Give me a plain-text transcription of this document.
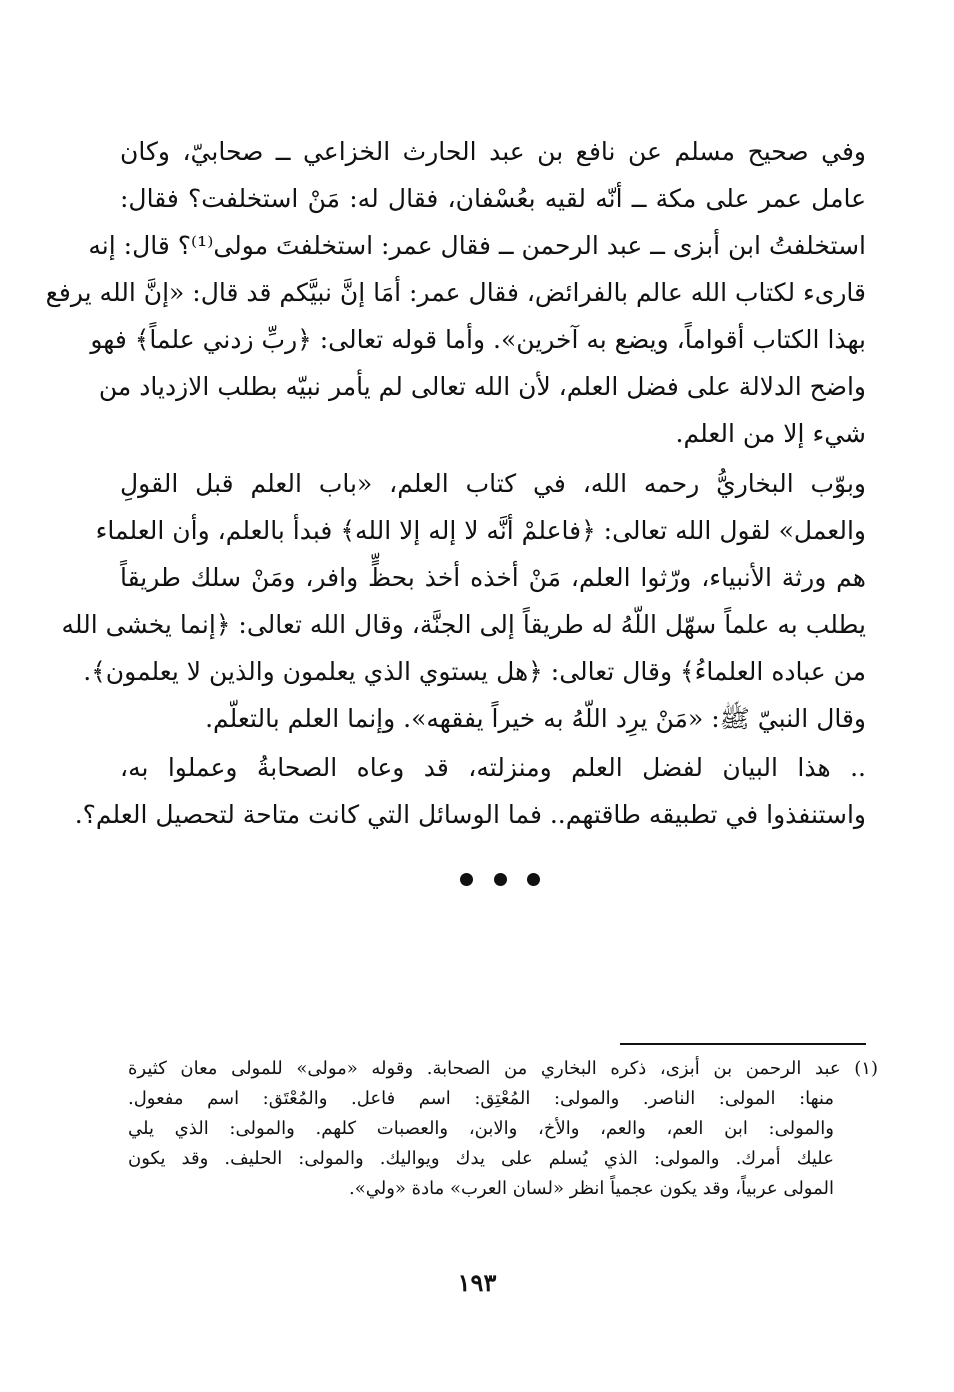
وفي صحيح مسلم عن نافع بن عبد الحارث الخزاعي ــ صحابيّ، وكان
عامل عمر على مكة ــ أنّه لقيه بعُسْفان، فقال له: مَنْ استخلفت؟ فقال:
استخلفتُ ابن أبزى ــ عبد الرحمن ــ فقال عمر: استخلفتَ مولى⁽¹⁾؟ قال: إنه
قارىء لكتاب الله عالم بالفرائض، فقال عمر: أمَا إنَّ نبيَّكم قد قال: «إنَّ الله يرفع
بهذا الكتاب أقواماً، ويضع به آخرين». وأما قوله تعالى: ﴿ربِّ زدني علماً﴾ فهو
واضح الدلالة على فضل العلم، لأن الله تعالى لم يأمر نبيّه بطلب الازدياد من
شيء إلا من العلم.
وبوّب البخاريُّ رحمه الله، في كتاب العلم، «باب العلم قبل القولِ
والعمل» لقول الله تعالى: ﴿فاعلمْ أنَّه لا إله إلا الله﴾ فبدأ بالعلم، وأن العلماء
هم ورثة الأنبياء، ورّثوا العلم، مَنْ أخذه أخذ بحظٍّ وافر، ومَنْ سلك طريقاً
يطلب به علماً سهّل اللّهُ له طريقاً إلى الجنَّة، وقال الله تعالى: ﴿إنما يخشى الله
من عباده العلماءُ﴾ وقال تعالى: ﴿هل يستوي الذي يعلمون والذين لا يعلمون﴾.
وقال النبيّ ﷺ: «مَنْ يرِد اللّهُ به خيراً يفقهه». وإنما العلم بالتعلّم.
.. هذا البيان لفضل العلم ومنزلته، قد وعاه الصحابةُ وعملوا به،
واستنفذوا في تطبيقه طاقتهم.. فما الوسائل التي كانت متاحة لتحصيل العلم؟.
(١) عبد الرحمن بن أبزى، ذكره البخاري من الصحابة. وقوله «مولى» للمولى معان كثيرة
منها: المولى: الناصر. والمولى: المُعْتِق: اسم فاعل. والمُعْتَق: اسم مفعول.
والمولى: ابن العم، والعم، والأخ، والابن، والعصبات كلهم. والمولى: الذي يلي
عليك أمرك. والمولى: الذي يُسلم على يدك ويواليك. والمولى: الحليف. وقد يكون
المولى عربياً، وقد يكون عجمياً انظر «لسان العرب» مادة «ولي».
١٩٣
